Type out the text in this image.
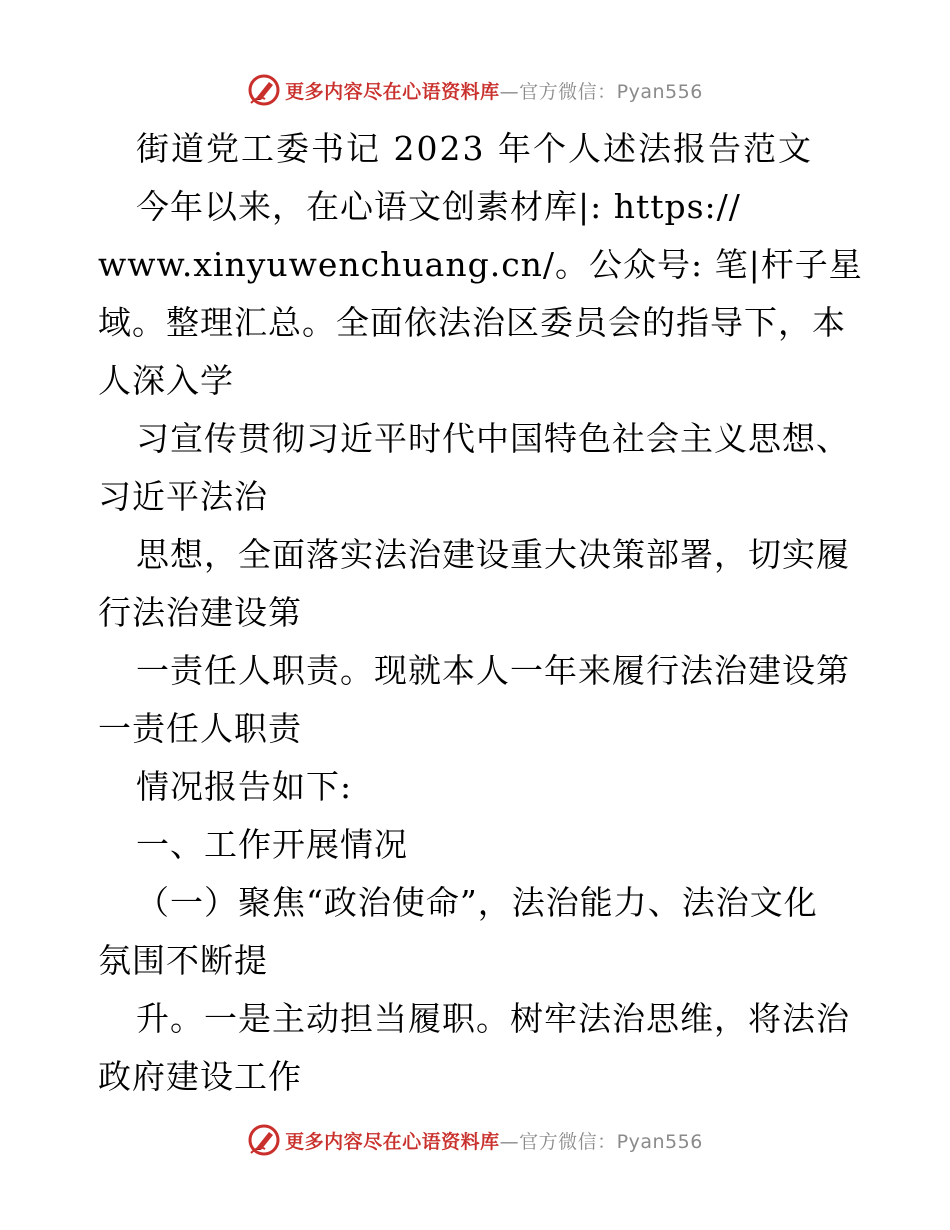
更多内容尽在心语资料库—官方微信：Pyan556
街道党工委书记 2023 年个人述法报告范文
今年以来，在心语文创素材库|: https://
www.xinyuwenchuang.cn/。公众号: 笔|杆子星
域。整理汇总。全面依法治区委员会的指导下，本
人深入学
习宣传贯彻习近平时代中国特色社会主义思想、
习近平法治
思想，全面落实法治建设重大决策部署，切实履
行法治建设第
一责任人职责。现就本人一年来履行法治建设第
一责任人职责
情况报告如下:
一、工作开展情况
（一）聚焦“政治使命”，法治能力、法治文化
氛围不断提
升。一是主动担当履职。树牢法治思维，将法治
政府建设工作
更多内容尽在心语资料库—官方微信：Pyan556
